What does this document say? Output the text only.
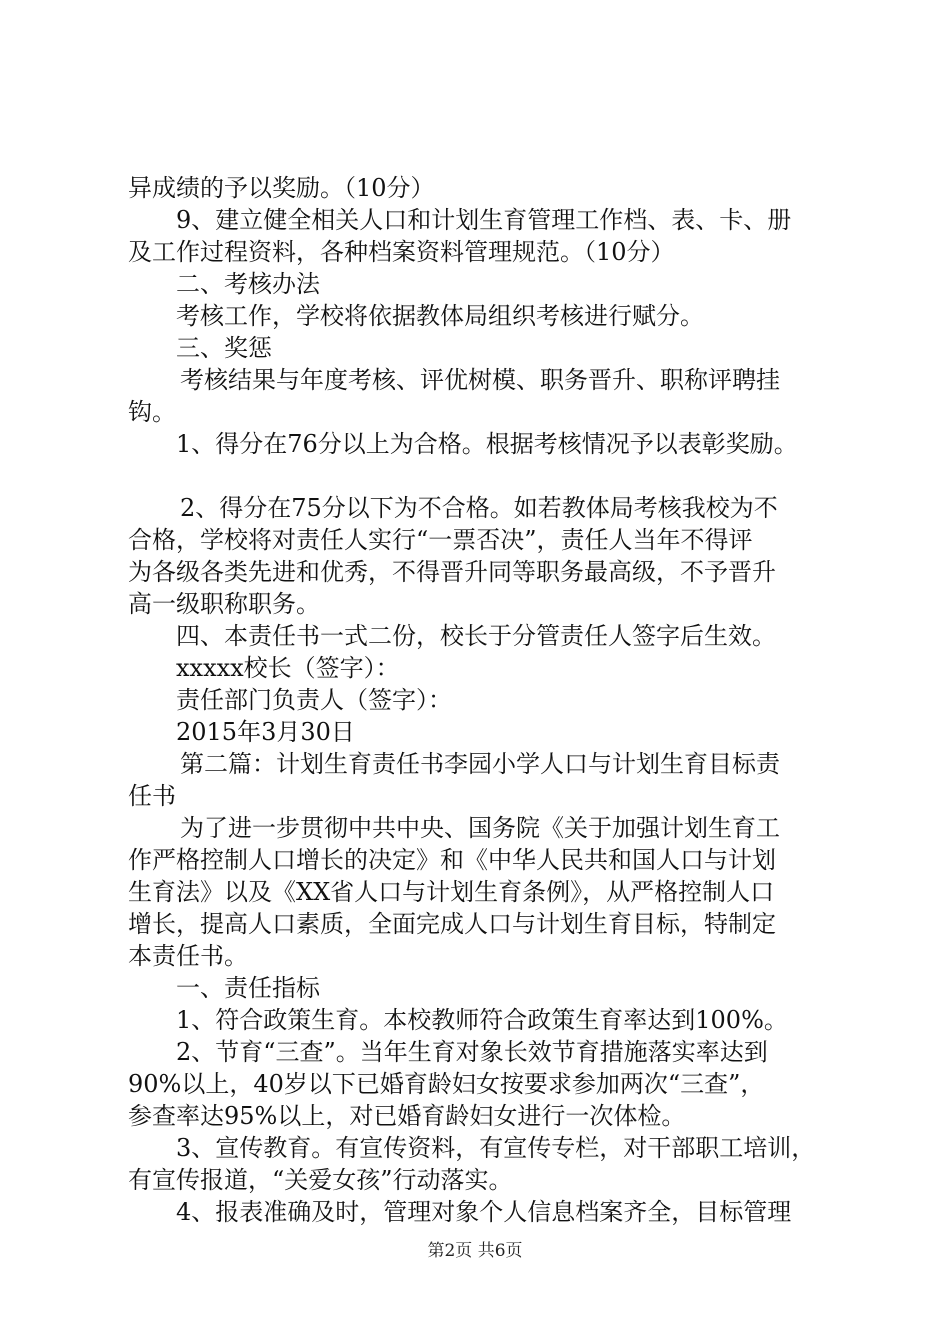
异成绩的予以奖励。（10分）
9、建立健全相关人口和计划生育管理工作档、表、卡、册
及工作过程资料，各种档案资料管理规范。（10分）
二、考核办法
考核工作，学校将依据教体局组织考核进行赋分。
三、奖惩
考核结果与年度考核、评优树模、职务晋升、职称评聘挂
钩。
1、得分在76分以上为合格。根据考核情况予以表彰奖励。
2、得分在75分以下为不合格。如若教体局考核我校为不
合格，学校将对责任人实行“一票否决”，责任人当年不得评
为各级各类先进和优秀，不得晋升同等职务最高级，不予晋升
高一级职称职务。
四、本责任书一式二份，校长于分管责任人签字后生效。
xxxxx校长（签字）：
责任部门负责人（签字）：
2015年3月30日
第二篇：计划生育责任书李园小学人口与计划生育目标责
任书
为了进一步贯彻中共中央、国务院《关于加强计划生育工
作严格控制人口增长的决定》和《中华人民共和国人口与计划
生育法》以及《XX省人口与计划生育条例》，从严格控制人口
增长，提高人口素质，全面完成人口与计划生育目标，特制定
本责任书。
一、责任指标
1、符合政策生育。本校教师符合政策生育率达到100%。
2、节育“三查”。当年生育对象长效节育措施落实率达到
90%以上，40岁以下已婚育龄妇女按要求参加两次“三查”，
参查率达95%以上，对已婚育龄妇女进行一次体检。
3、宣传教育。有宣传资料，有宣传专栏，对干部职工培训，
有宣传报道，“关爱女孩”行动落实。
4、报表准确及时，管理对象个人信息档案齐全，目标管理
第2页 共6页
